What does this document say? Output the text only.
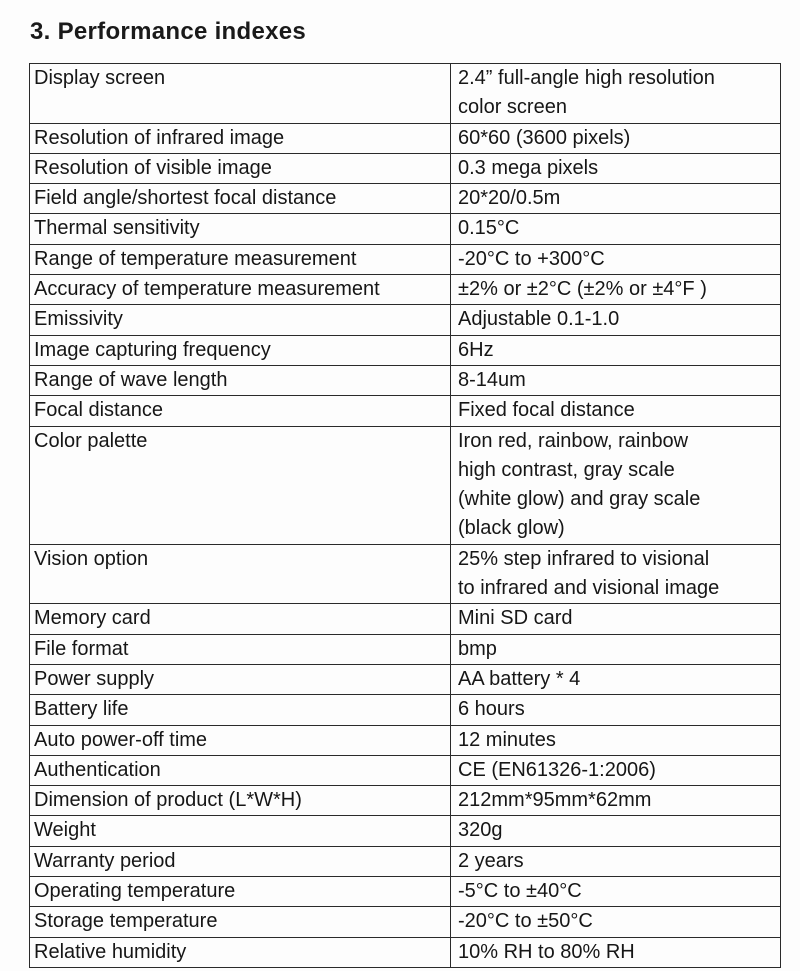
3. Performance indexes
Display screen	2.4” full-angle high resolution
color screen

Resolution of infrared image	60*60 (3600 pixels)

Resolution of visible image	0.3 mega pixels

Field angle/shortest focal distance	20*20/0.5m

Thermal sensitivity	0.15°C

Range of temperature measurement	-20°C to +300°C

Accuracy of temperature measurement	±2% or ±2°C (±2% or ±4°F )

Emissivity	Adjustable 0.1-1.0

Image capturing frequency	6Hz

Range of wave length	8-14um

Focal distance	Fixed focal distance

Color palette	Iron red, rainbow, rainbow
high contrast, gray scale
(white glow) and gray scale
(black glow)

Vision option	25% step infrared to visional
to infrared and visional image

Memory card	Mini SD card

File format	bmp

Power supply	AA battery * 4

Battery life	6 hours

Auto power-off time	12 minutes

Authentication	CE (EN61326-1:2006)

Dimension of product (L*W*H)	212mm*95mm*62mm

Weight	320g

Warranty period	2 years

Operating temperature	-5°C to ±40°C

Storage temperature	-20°C to ±50°C

Relative humidity	10% RH to 80% RH
